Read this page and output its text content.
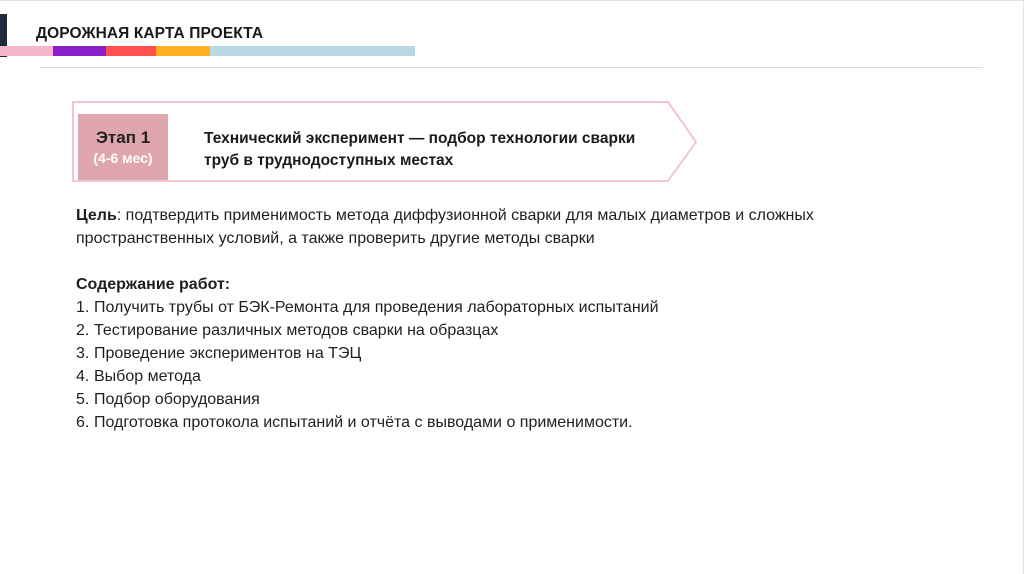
ДОРОЖНАЯ КАРТА ПРОЕКТА
Этап 1
(4-6 мес)
Технический эксперимент — подбор технологии сварки труб в труднодоступных местах
Цель: подтвердить применимость метода диффузионной сварки для малых диаметров и сложных пространственных условий, а также проверить другие методы сварки
Содержание работ:
1. Получить трубы от БЭК-Ремонта для проведения лабораторных испытаний
2. Тестирование различных методов сварки на образцах
3. Проведение экспериментов на ТЭЦ
4. Выбор метода
5. Подбор оборудования
6. Подготовка протокола испытаний и отчёта с выводами о применимости.
